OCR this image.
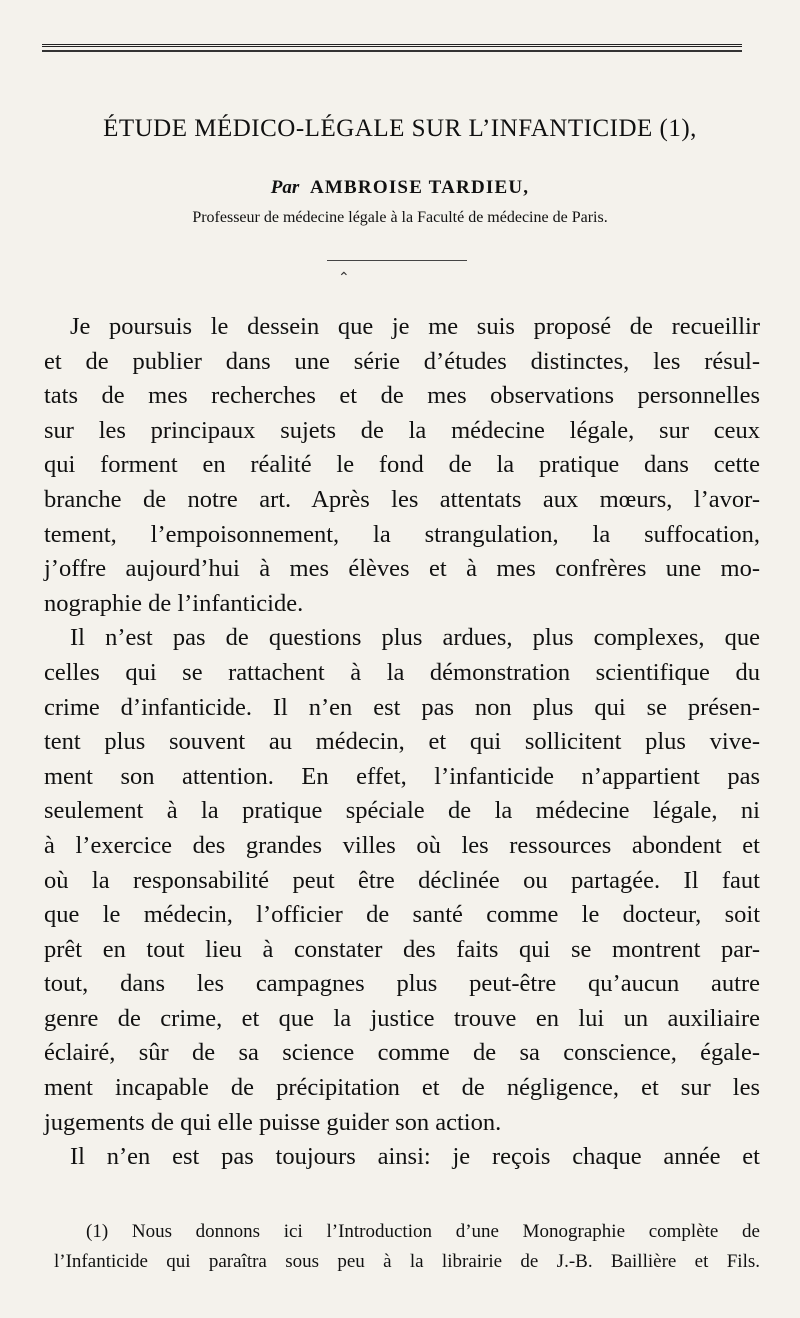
ÉTUDE MÉDICO-LÉGALE SUR L’INFANTICIDE (1),
Par AMBROISE TARDIEU,
Professeur de médecine légale à la Faculté de médecine de Paris.
⌃
Je poursuis le dessein que je me suis proposé de recueillir
et de publier dans une série d’études distinctes, les résul-
tats de mes recherches et de mes observations personnelles
sur les principaux sujets de la médecine légale, sur ceux
qui forment en réalité le fond de la pratique dans cette
branche de notre art. Après les attentats aux mœurs, l’avor-
tement, l’empoisonnement, la strangulation, la suffocation,
j’offre aujourd’hui à mes élèves et à mes confrères une mo-
nographie de l’infanticide.
Il n’est pas de questions plus ardues, plus complexes, que
celles qui se rattachent à la démonstration scientifique du
crime d’infanticide. Il n’en est pas non plus qui se présen-
tent plus souvent au médecin, et qui sollicitent plus vive-
ment son attention. En effet, l’infanticide n’appartient pas
seulement à la pratique spéciale de la médecine légale, ni
à l’exercice des grandes villes où les ressources abondent et
où la responsabilité peut être déclinée ou partagée. Il faut
que le médecin, l’officier de santé comme le docteur, soit
prêt en tout lieu à constater des faits qui se montrent par-
tout, dans les campagnes plus peut-être qu’aucun autre
genre de crime, et que la justice trouve en lui un auxiliaire
éclairé, sûr de sa science comme de sa conscience, égale-
ment incapable de précipitation et de négligence, et sur les
jugements de qui elle puisse guider son action.
Il n’en est pas toujours ainsi: je reçois chaque année et
(1) Nous donnons ici l’Introduction d’une Monographie complète de
l’Infanticide qui paraîtra sous peu à la librairie de J.-B. Baillière et Fils.
